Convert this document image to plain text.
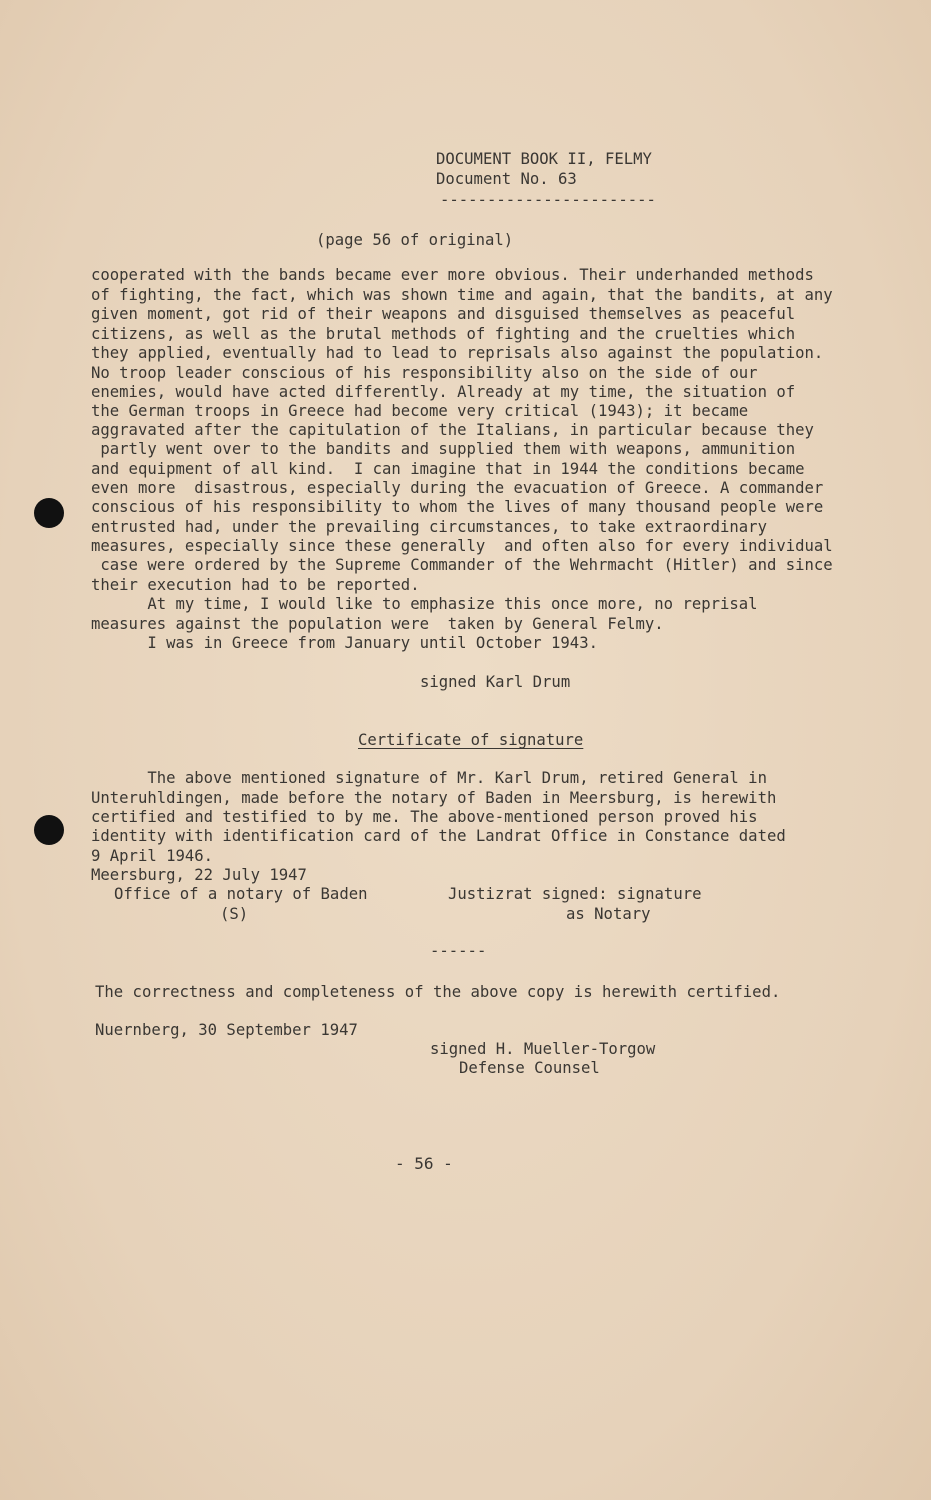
DOCUMENT BOOK II, FELMY
Document No. 63
-----------------------
(page 56 of original)
cooperated with the bands became ever more obvious. Their underhanded methods
of fighting, the fact, which was shown time and again, that the bandits, at any
given moment, got rid of their weapons and disguised themselves as peaceful
citizens, as well as the brutal methods of fighting and the cruelties which
they applied, eventually had to lead to reprisals also against the population.
No troop leader conscious of his responsibility also on the side of our
enemies, would have acted differently. Already at my time, the situation of
the German troops in Greece had become very critical (1943); it became
aggravated after the capitulation of the Italians, in particular because they
partly went over to the bandits and supplied them with weapons, ammunition
and equipment of all kind.  I can imagine that in 1944 the conditions became
even more  disastrous, especially during the evacuation of Greece. A commander
conscious of his responsibility to whom the lives of many thousand people were
entrusted had, under the prevailing circumstances, to take extraordinary
measures, especially since these generally  and often also for every individual
case were ordered by the Supreme Commander of the Wehrmacht (Hitler) and since
their execution had to be reported.
At my time, I would like to emphasize this once more, no reprisal
measures against the population were  taken by General Felmy.
I was in Greece from January until October 1943.
signed Karl Drum
Certificate of signature
The above mentioned signature of Mr. Karl Drum, retired General in
Unteruhldingen, made before the notary of Baden in Meersburg, is herewith
certified and testified to by me. The above-mentioned person proved his
identity with identification card of the Landrat Office in Constance dated
9 April 1946.
Meersburg, 22 July 1947
Office of a notary of Baden
(S)
Justizrat signed: signature
as Notary
------
The correctness and completeness of the above copy is herewith certified.
Nuernberg, 30 September 1947
signed H. Mueller-Torgow
Defense Counsel
- 56 -
